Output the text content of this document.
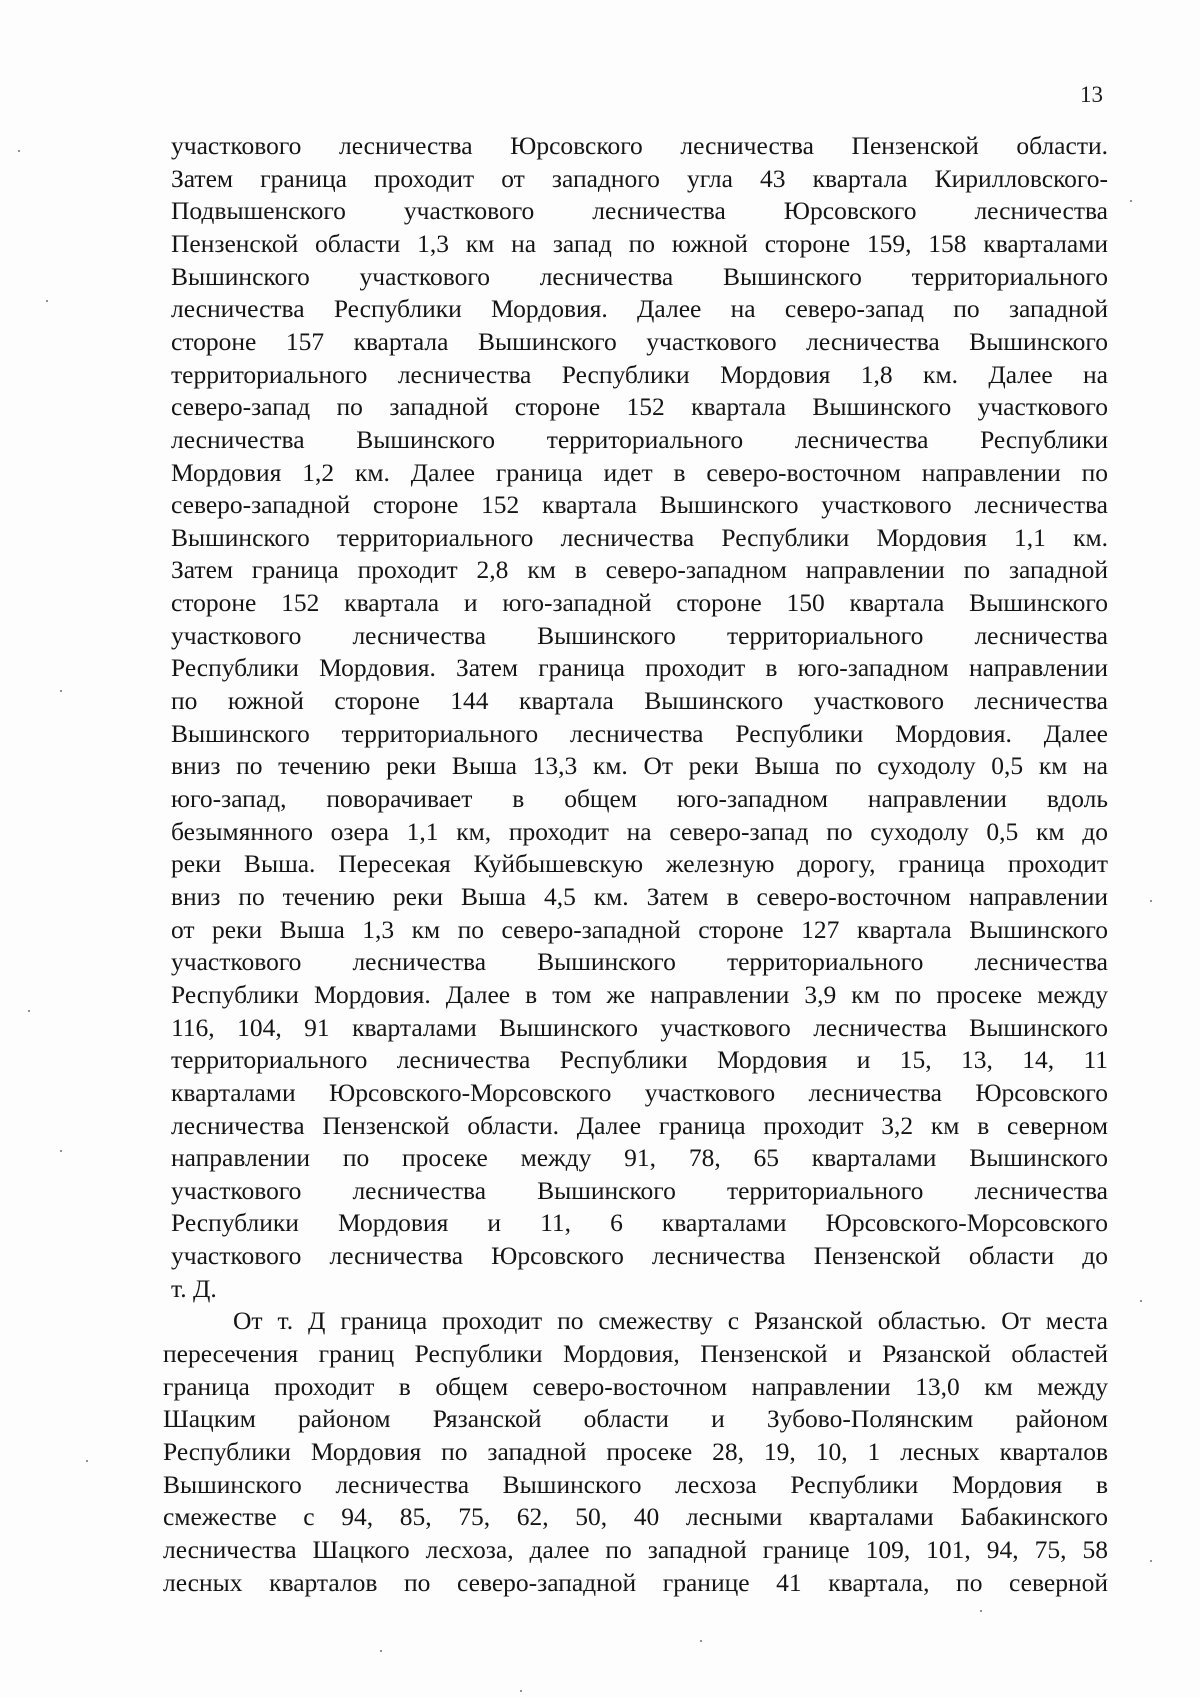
13
участкового лесничества Юрсовского лесничества Пензенской области.
Затем граница проходит от западного угла 43 квартала Кирилловского-
Подвышенского участкового лесничества Юрсовского лесничества
Пензенской области 1,3 км на запад по южной стороне 159, 158 кварталами
Вышинского участкового лесничества Вышинского территориального
лесничества Республики Мордовия. Далее на северо-запад по западной
стороне 157 квартала Вышинского участкового лесничества Вышинского
территориального лесничества Республики Мордовия 1,8 км. Далее на
северо-запад по западной стороне 152 квартала Вышинского участкового
лесничества Вышинского территориального лесничества Республики
Мордовия 1,2 км. Далее граница идет в северо-восточном направлении по
северо-западной стороне 152 квартала Вышинского участкового лесничества
Вышинского территориального лесничества Республики Мордовия 1,1 км.
Затем граница проходит 2,8 км в северо-западном направлении по западной
стороне 152 квартала и юго-западной стороне 150 квартала Вышинского
участкового лесничества Вышинского территориального лесничества
Республики Мордовия. Затем граница проходит в юго-западном направлении
по южной стороне 144 квартала Вышинского участкового лесничества
Вышинского территориального лесничества Республики Мордовия. Далее
вниз по течению реки Выша 13,3 км. От реки Выша по суходолу 0,5 км на
юго-запад, поворачивает в общем юго-западном направлении вдоль
безымянного озера 1,1 км, проходит на северо-запад по суходолу 0,5 км до
реки Выша. Пересекая Куйбышевскую железную дорогу, граница проходит
вниз по течению реки Выша 4,5 км. Затем в северо-восточном направлении
от реки Выша 1,3 км по северо-западной стороне 127 квартала Вышинского
участкового лесничества Вышинского территориального лесничества
Республики Мордовия. Далее в том же направлении 3,9 км по просеке между
116, 104, 91 кварталами Вышинского участкового лесничества Вышинского
территориального лесничества Республики Мордовия и 15, 13, 14, 11
кварталами Юрсовского-Морсовского участкового лесничества Юрсовского
лесничества Пензенской области. Далее граница проходит 3,2 км в северном
направлении по просеке между 91, 78, 65 кварталами Вышинского
участкового лесничества Вышинского территориального лесничества
Республики Мордовия и 11, 6 кварталами Юрсовского-Морсовского
участкового лесничества Юрсовского лесничества Пензенской области до
т. Д.
От т. Д граница проходит по смежеству с Рязанской областью. От места
пересечения границ Республики Мордовия, Пензенской и Рязанской областей
граница проходит в общем северо-восточном направлении 13,0 км между
Шацким районом Рязанской области и Зубово-Полянским районом
Республики Мордовия по западной просеке 28, 19, 10, 1 лесных кварталов
Вышинского лесничества Вышинского лесхоза Республики Мордовия в
смежестве с 94, 85, 75, 62, 50, 40 лесными кварталами Бабакинского
лесничества Шацкого лесхоза, далее по западной границе 109, 101, 94, 75, 58
лесных кварталов по северо-западной границе 41 квартала, по северной
